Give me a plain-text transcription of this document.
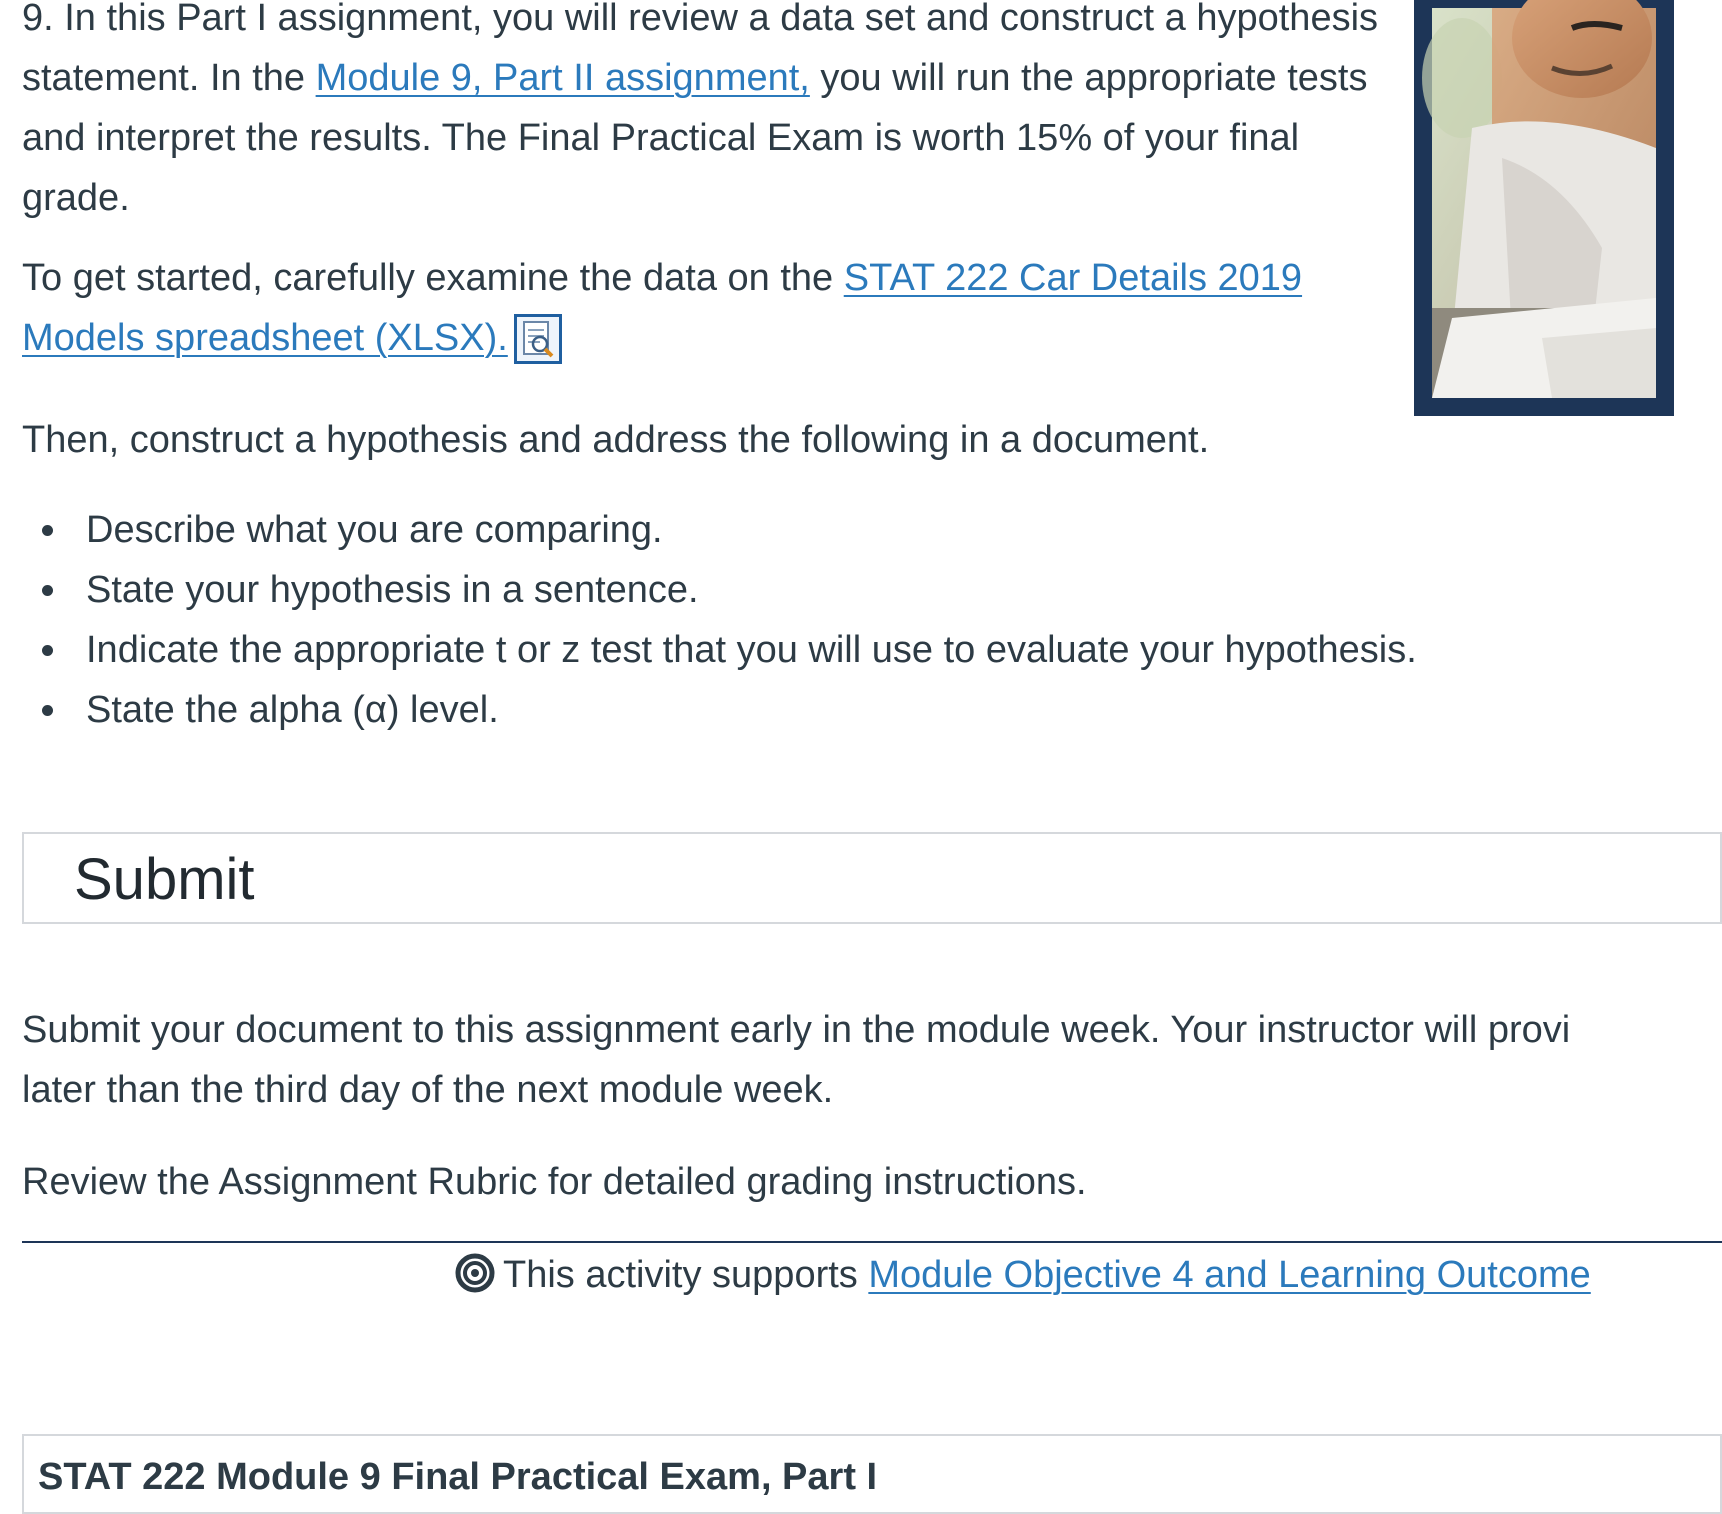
9. In this Part I assignment, you will review a data set and construct a hypothesis statement. In the Module 9, Part II assignment, you will run the appropriate tests and interpret the results. The Final Practical Exam is worth 15% of your final grade.

To get started, carefully examine the data on the STAT 222 Car Details 2019 Models spreadsheet (XLSX).

Then, construct a hypothesis and address the following in a document.

Describe what you are comparing.
State your hypothesis in a sentence.
Indicate the appropriate t or z test that you will use to evaluate your hypothesis.
State the alpha (α) level.
Submit

Submit your document to this assignment early in the module week. Your instructor will provi
later than the third day of the next module week.

Review the Assignment Rubric for detailed grading instructions.

This activity supports Module Objective 4 and Learning Outcome
STAT 222 Module 9 Final Practical Exam, Part I
